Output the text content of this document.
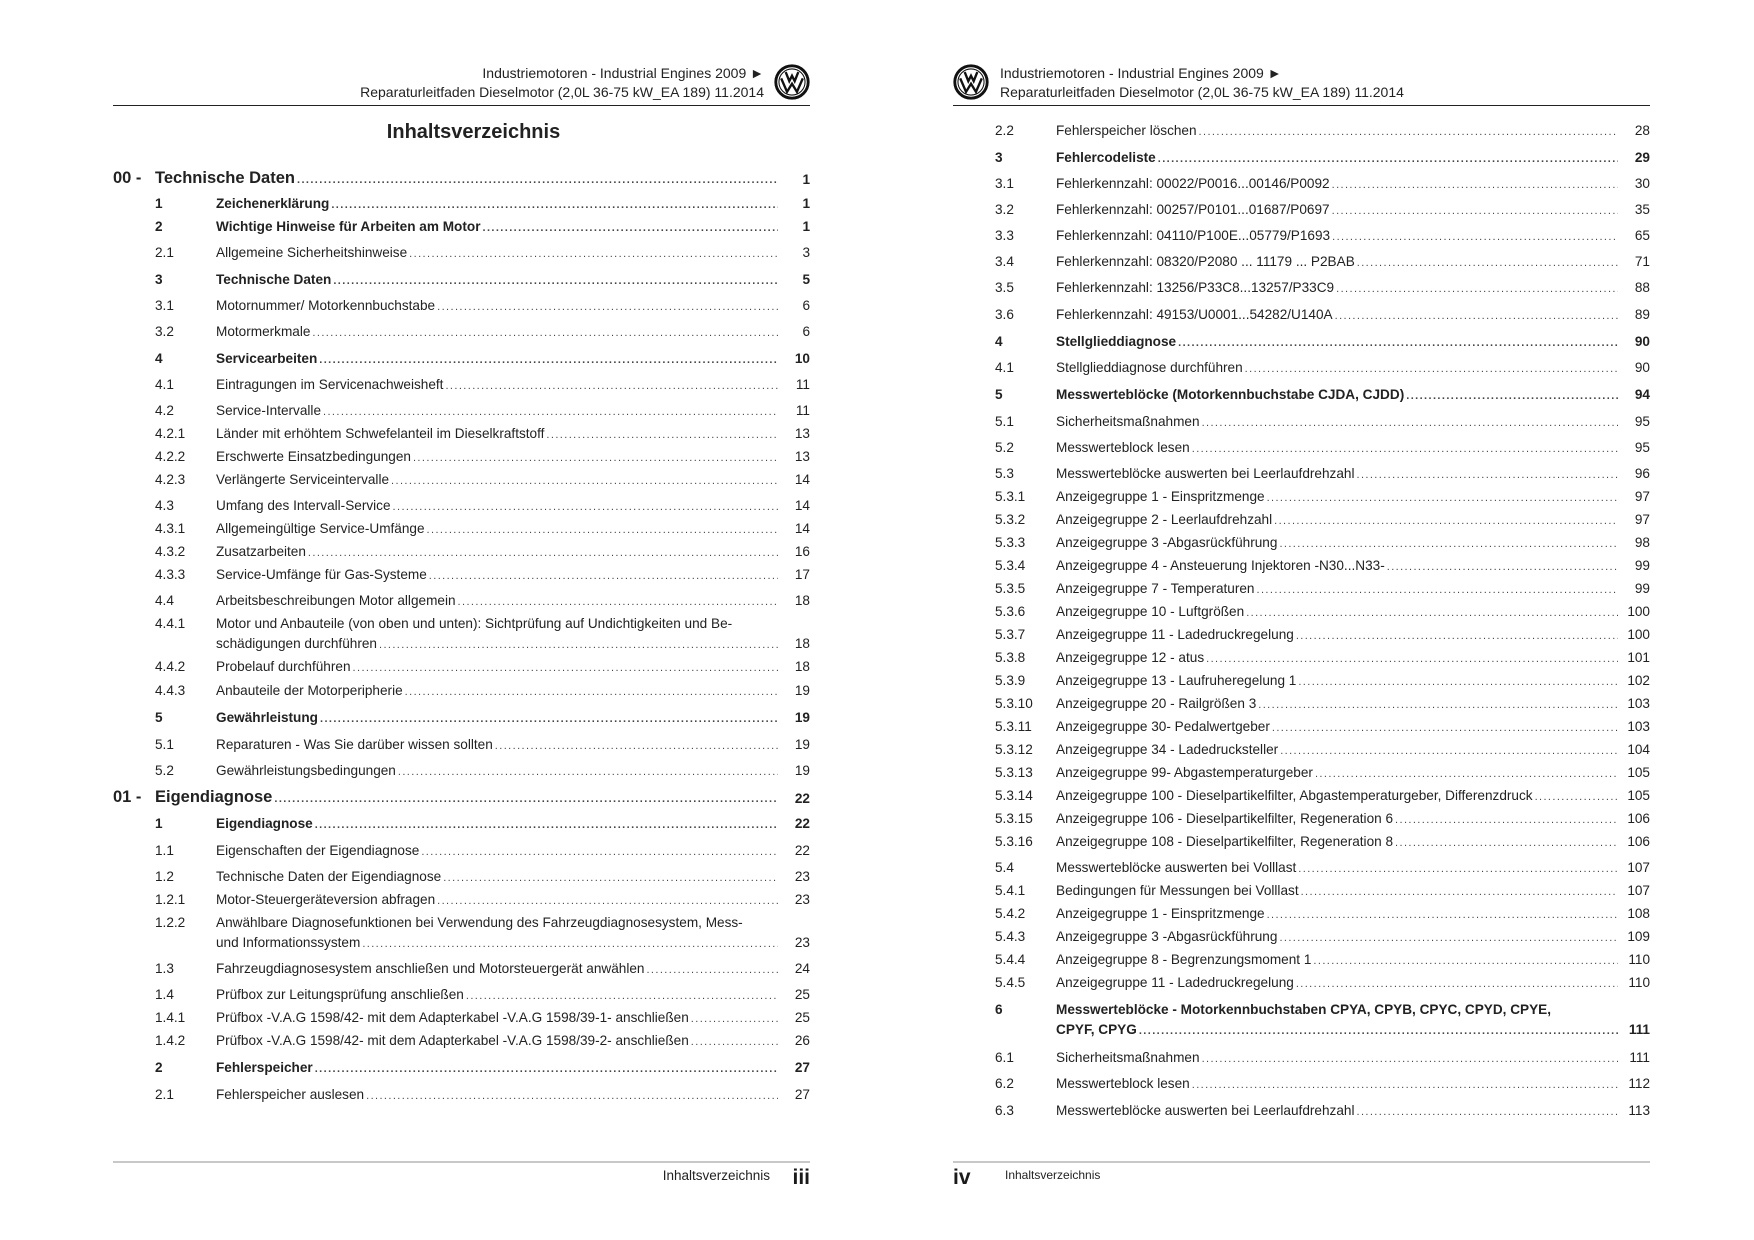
Industriemotoren - Industrial Engines 2009 ►
Reparaturleitfaden Dieselmotor (2,0L 36-75 kW_EA 189) 11.2014
Inhaltsverzeichnis
00 - Technische Daten .....	1
1	Zeichenerklärung .....	1
2	Wichtige Hinweise für Arbeiten am Motor .....	1
2.1	Allgemeine Sicherheitshinweise .....	3
3	Technische Daten .....	5
3.1	Motornummer/ Motorkennbuchstabe .....	6
3.2	Motormerkmale .....	6
4	Servicearbeiten .....	10
4.1	Eintragungen im Servicenachweisheft .....	11
4.2	Service-Intervalle .....	11
4.2.1 Länder mit erhöhtem Schwefelanteil im Dieselkraftstoff .....	13
4.2.2 Erschwerte Einsatzbedingungen .....	13
4.2.3 Verlängerte Serviceintervalle .....	14
4.3	Umfang des Intervall-Service .....	14
4.3.1 Allgemeingültige Service-Umfänge .....	14
4.3.2 Zusatzarbeiten .....	16
4.3.3 Service-Umfänge für Gas-Systeme .....	17
4.4	Arbeitsbeschreibungen Motor allgemein .....	18
4.4.1 Motor und Anbauteile (von oben und unten): Sichtprüfung auf Undichtigkeiten und Be-
schädigungen durchführen .....	18
4.4.2 Probelauf durchführen .....	18
4.4.3 Anbauteile der Motorperipherie .....	19
5	Gewährleistung .....	19
5.1	Reparaturen - Was Sie darüber wissen sollten .....	19
5.2	Gewährleistungsbedingungen .....	19
01 - Eigendiagnose .....	22
1	Eigendiagnose .....	22
1.1	Eigenschaften der Eigendiagnose .....	22
1.2	Technische Daten der Eigendiagnose .....	23
1.2.1 Motor-Steuergeräteversion abfragen .....	23
1.2.2 Anwählbare Diagnosefunktionen bei Verwendung des Fahrzeugdiagnosesystem, Mess-
und Informationssystem .....	23
1.3	Fahrzeugdiagnosesystem anschließen und Motorsteuergerät anwählen .....	24
1.4	Prüfbox zur Leitungsprüfung anschließen .....	25
1.4.1 Prüfbox -V.A.G 1598/42- mit dem Adapterkabel -V.A.G 1598/39-1- anschließen .....	25
1.4.2 Prüfbox -V.A.G 1598/42- mit dem Adapterkabel -V.A.G 1598/39-2- anschließen .....	26
2	Fehlerspeicher .....	27
2.1	Fehlerspeicher auslesen .....	27
Inhaltsverzeichnis iii
Industriemotoren - Industrial Engines 2009 ►
Reparaturleitfaden Dieselmotor (2,0L 36-75 kW_EA 189) 11.2014
2.2	Fehlerspeicher löschen .....	28
3	Fehlercodeliste .....	29
3.1	Fehlerkennzahl: 00022/P0016...00146/P0092 .....	30
3.2	Fehlerkennzahl: 00257/P0101...01687/P0697 .....	35
3.3	Fehlerkennzahl: 04110/P100E...05779/P1693 .....	65
3.4	Fehlerkennzahl: 08320/P2080 ... 11179 ... P2BAB .....	71
3.5	Fehlerkennzahl: 13256/P33C8...13257/P33C9 .....	88
3.6	Fehlerkennzahl: 49153/U0001...54282/U140A .....	89
4	Stellglieddiagnose .....	90
4.1	Stellglieddiagnose durchführen .....	90
5	Messwerteblöcke (Motorkennbuchstabe CJDA, CJDD) .....	94
5.1	Sicherheitsmaßnahmen .....	95
5.2	Messwerteblock lesen .....	95
5.3	Messwerteblöcke auswerten bei Leerlaufdrehzahl .....	96
5.3.1 Anzeigegruppe 1 - Einspritzmenge .....	97
5.3.2 Anzeigegruppe 2 - Leerlaufdrehzahl .....	97
5.3.3 Anzeigegruppe 3 -Abgasrückführung .....	98
5.3.4 Anzeigegruppe 4 - Ansteuerung Injektoren -N30...N33- .....	99
5.3.5 Anzeigegruppe 7 - Temperaturen .....	99
5.3.6 Anzeigegruppe 10 - Luftgrößen .....	100
5.3.7 Anzeigegruppe 11 - Ladedruckregelung .....	100
5.3.8 Anzeigegruppe 12 - atus .....	101
5.3.9 Anzeigegruppe 13 - Laufruheregelung 1 .....	102
5.3.10 Anzeigegruppe 20 - Railgrößen 3 .....	103
5.3.11 Anzeigegruppe 30- Pedalwertgeber .....	103
5.3.12 Anzeigegruppe 34 - Ladedrucksteller .....	104
5.3.13 Anzeigegruppe 99- Abgastemperaturgeber .....	105
5.3.14 Anzeigegruppe 100 - Dieselpartikelfilter, Abgastemperaturgeber, Differenzdruck .....	105
5.3.15 Anzeigegruppe 106 - Dieselpartikelfilter, Regeneration 6 .....	106
5.3.16 Anzeigegruppe 108 - Dieselpartikelfilter, Regeneration 8 .....	106
5.4	Messwerteblöcke auswerten bei Volllast .....	107
5.4.1 Bedingungen für Messungen bei Volllast .....	107
5.4.2 Anzeigegruppe 1 - Einspritzmenge .....	108
5.4.3 Anzeigegruppe 3 -Abgasrückführung .....	109
5.4.4 Anzeigegruppe 8 - Begrenzungsmoment 1 .....	110
5.4.5 Anzeigegruppe 11 - Ladedruckregelung .....	110
6	Messwerteblöcke - Motorkennbuchstaben CPYA, CPYB, CPYC, CPYD, CPYE,
CPYF, CPYG .....	111
6.1	Sicherheitsmaßnahmen .....	111
6.2	Messwerteblock lesen .....	112
6.3	Messwerteblöcke auswerten bei Leerlaufdrehzahl .....	113
iv	Inhaltsverzeichnis
